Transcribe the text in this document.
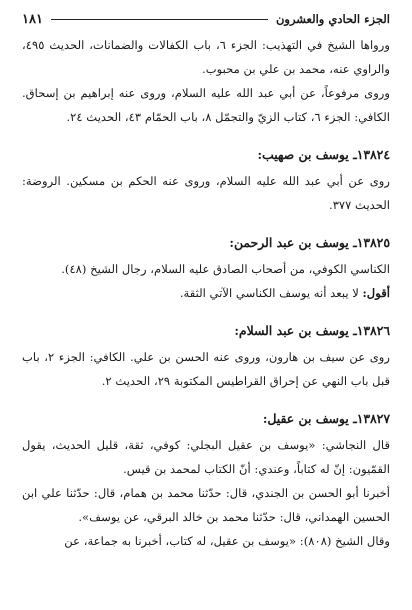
الجزء الحادي والعشرون
١٨١

ورواها الشيخ في التهذيب: الجزء ٦، باب الكفالات والضمانات، الحديث ٤٩٥، والراوي عنه، محمد بن علي بن محبوب.

وروى مرفوعاً، عن أبي عبد الله عليه السلام، وروى عنه إبراهيم بن إسحاق. الكافي: الجزء ٦، كتاب الزيّ والتجمّل ٨، باب الحمّام ٤٣، الحديث ٢٤.

١٣٨٢٤ـ يوسف بن صهيب:

روى عن أبي عبد الله عليه السلام، وروى عنه الحكم بن مسكين. الروضة: الحديث ٣٧٧.

١٣٨٢٥ـ يوسف بن عبد الرحمن:

الكناسي الكوفي، من أصحاب الصادق عليه السلام، رجال الشيخ (٤٨).

أقول: لا يبعد أنه يوسف الكناسي الآتي الثقة.

١٣٨٢٦ـ يوسف بن عبد السلام:

روى عن سيف بن هارون، وروى عنه الحسن بن علي. الكافي: الجزء ٢، باب قبل باب النهي عن إحراق القراطيس المكتوبة ٢٩، الحديث ٢.

١٣٨٢٧ـ يوسف بن عقيل:

قال النجاشي: «يوسف بن عقيل البجلي: كوفي، ثقة، قليل الحديث، يقول القمّيون: إنّ له كتاباً، وعندي: أنّ الكتاب لمحمد بن قيس.

أخبرنا أبو الحسن بن الجندي، قال: حدّثنا محمد بن همام، قال: حدّثنا علي ابن الحسين الهمداني، قال: حدّثنا محمد بن خالد البرقي، عن يوسف».

وقال الشيخ (٨٠٨): «يوسف بن عقيل، له كتاب، أخبرنا به جماعة، عن
